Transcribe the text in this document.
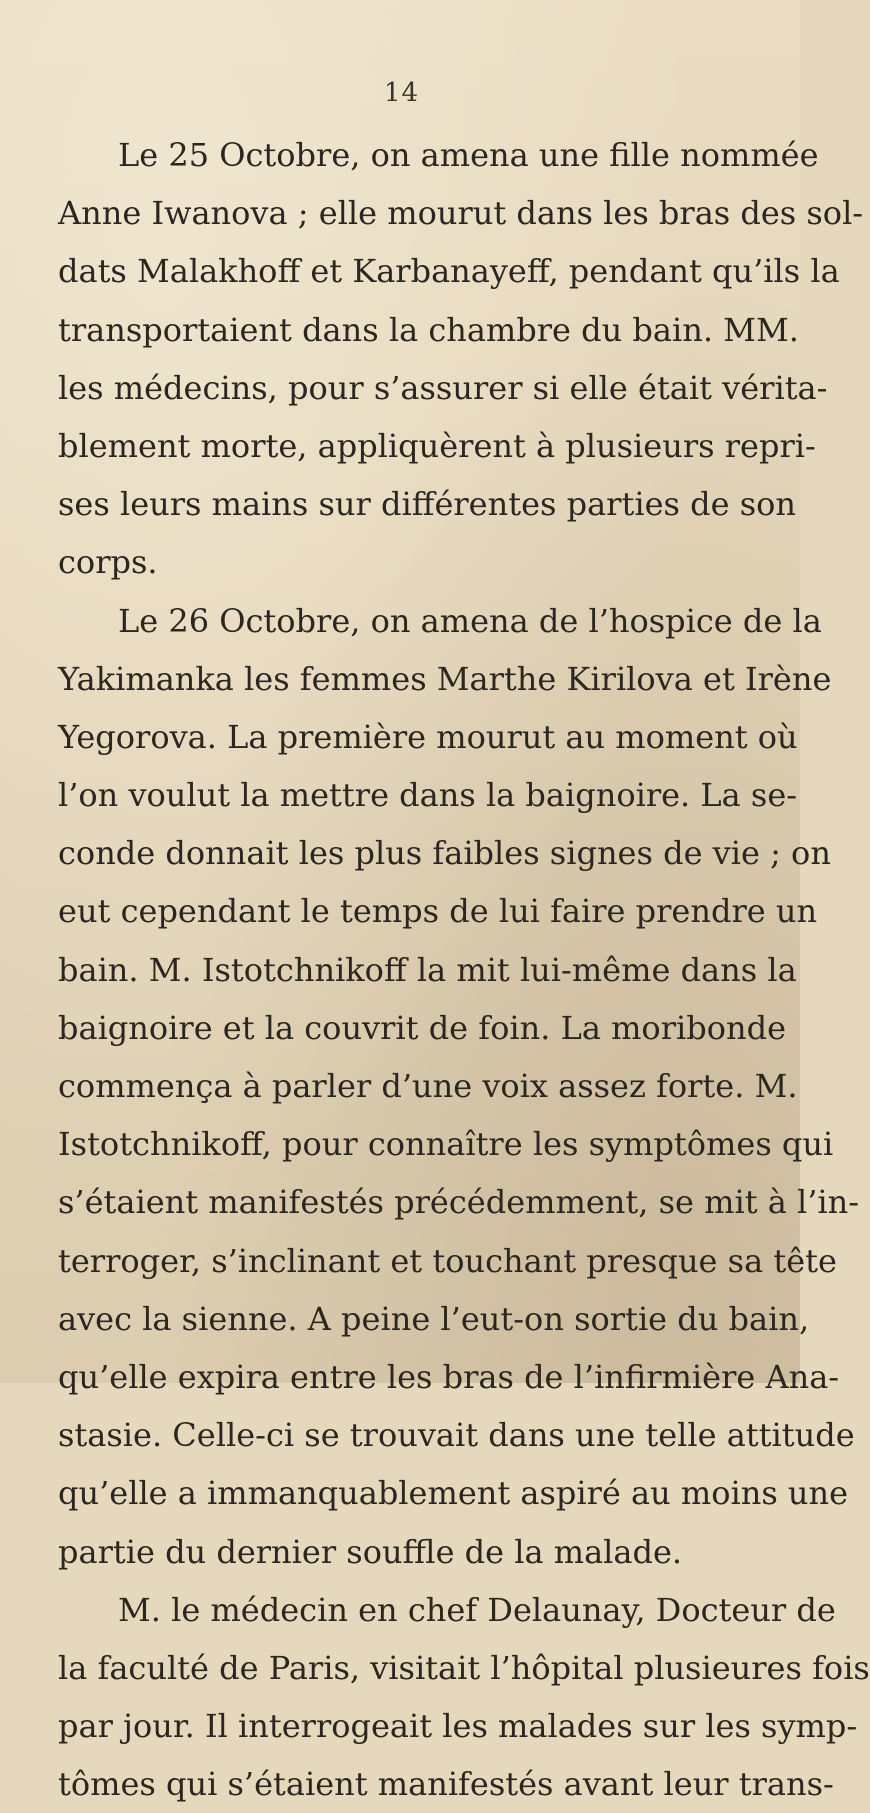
14
Le 25 Octobre, on amena une fille nommée
Anne Iwanova ; elle mourut dans les bras des sol-
dats Malakhoff et Karbanayeff, pendant qu’ils la
transportaient dans la chambre du bain. MM.
les médecins, pour s’assurer si elle était vérita-
blement morte, appliquèrent à plusieurs repri-
ses leurs mains sur différentes parties de son
corps.
Le 26 Octobre, on amena de l’hospice de la
Yakimanka les femmes Marthe Kirilova et Irène
Yegorova. La première mourut au moment où
l’on voulut la mettre dans la baignoire. La se-
conde donnait les plus faibles signes de vie ; on
eut cependant le temps de lui faire prendre un
bain. M. Istotchnikoff la mit lui-même dans la
baignoire et la couvrit de foin. La moribonde
commença à parler d’une voix assez forte. M.
Istotchnikoff, pour connaître les symptômes qui
s’étaient manifestés précédemment, se mit à l’in-
terroger, s’inclinant et touchant presque sa tête
avec la sienne. A peine l’eut-on sortie du bain,
qu’elle expira entre les bras de l’infirmière Ana-
stasie. Celle-ci se trouvait dans une telle attitude
qu’elle a immanquablement aspiré au moins une
partie du dernier souffle de la malade.
M. le médecin en chef Delaunay, Docteur de
la faculté de Paris, visitait l’hôpital plusieures fois
par jour. Il interrogeait les malades sur les symp-
tômes qui s’étaient manifestés avant leur trans-
